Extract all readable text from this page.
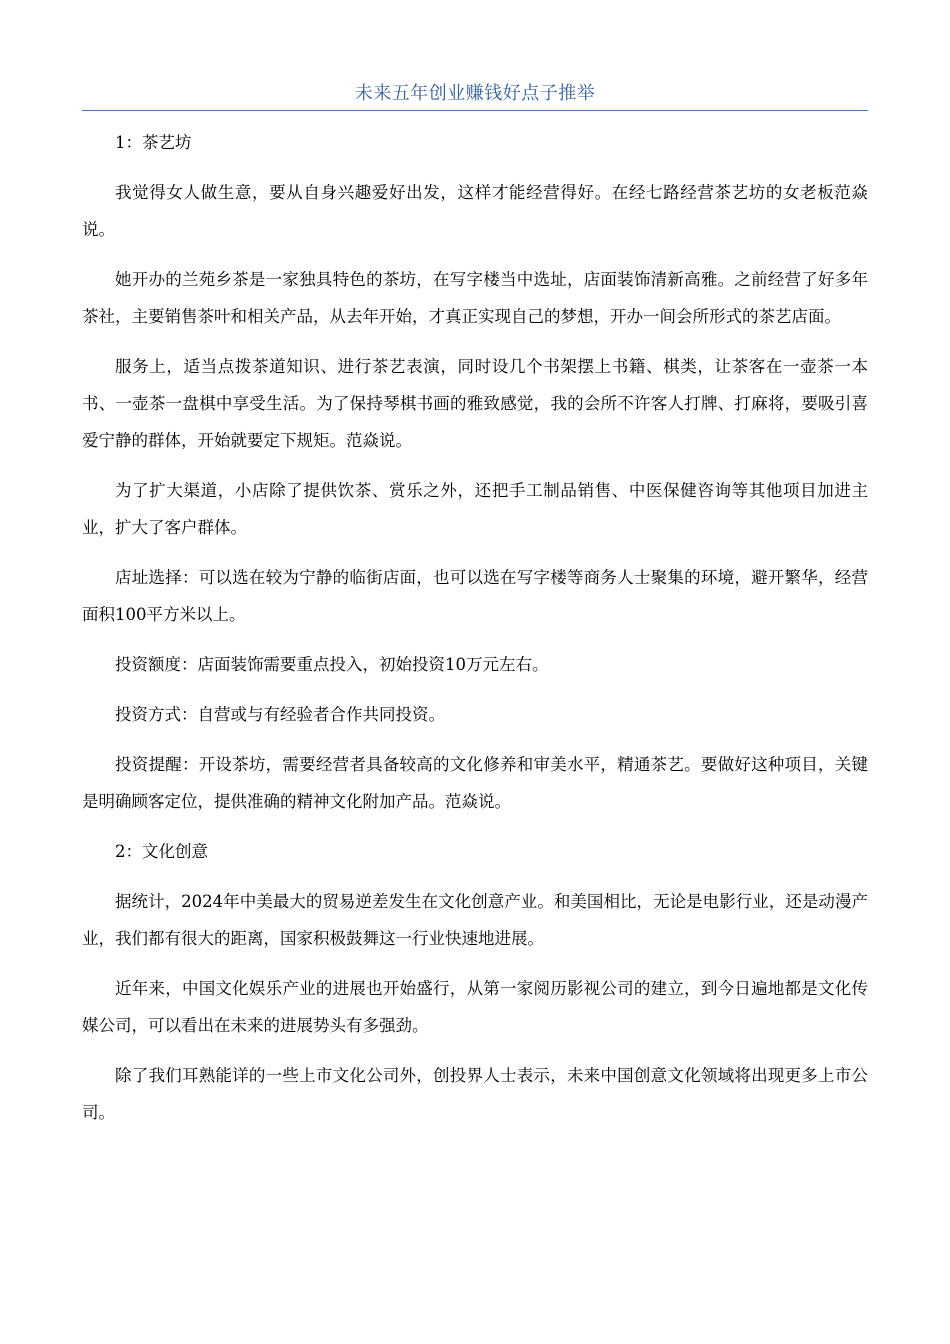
未来五年创业赚钱好点子推举

1：茶艺坊

我觉得女人做生意，要从自身兴趣爱好出发，这样才能经营得好。在经七路经营茶艺坊的女老板范焱说。

她开办的兰苑乡茶是一家独具特色的茶坊，在写字楼当中选址，店面装饰清新高雅。之前经营了好多年茶社，主要销售茶叶和相关产品，从去年开始，才真正实现自己的梦想，开办一间会所形式的茶艺店面。

服务上，适当点拨茶道知识、进行茶艺表演，同时设几个书架摆上书籍、棋类，让茶客在一壶茶一本书、一壶茶一盘棋中享受生活。为了保持琴棋书画的雅致感觉，我的会所不许客人打牌、打麻将，要吸引喜爱宁静的群体，开始就要定下规矩。范焱说。

为了扩大渠道，小店除了提供饮茶、赏乐之外，还把手工制品销售、中医保健咨询等其他项目加进主业，扩大了客户群体。

店址选择：可以选在较为宁静的临街店面，也可以选在写字楼等商务人士聚集的环境，避开繁华，经营面积100平方米以上。

投资额度：店面装饰需要重点投入，初始投资10万元左右。

投资方式：自营或与有经验者合作共同投资。

投资提醒：开设茶坊，需要经营者具备较高的文化修养和审美水平，精通茶艺。要做好这种项目，关键是明确顾客定位，提供准确的精神文化附加产品。范焱说。

2：文化创意

据统计，2024年中美最大的贸易逆差发生在文化创意产业。和美国相比，无论是电影行业，还是动漫产业，我们都有很大的距离，国家积极鼓舞这一行业快速地进展。

近年来，中国文化娱乐产业的进展也开始盛行，从第一家阅历影视公司的建立，到今日遍地都是文化传媒公司，可以看出在未来的进展势头有多强劲。

除了我们耳熟能详的一些上市文化公司外，创投界人士表示，未来中国创意文化领域将出现更多上市公司。
